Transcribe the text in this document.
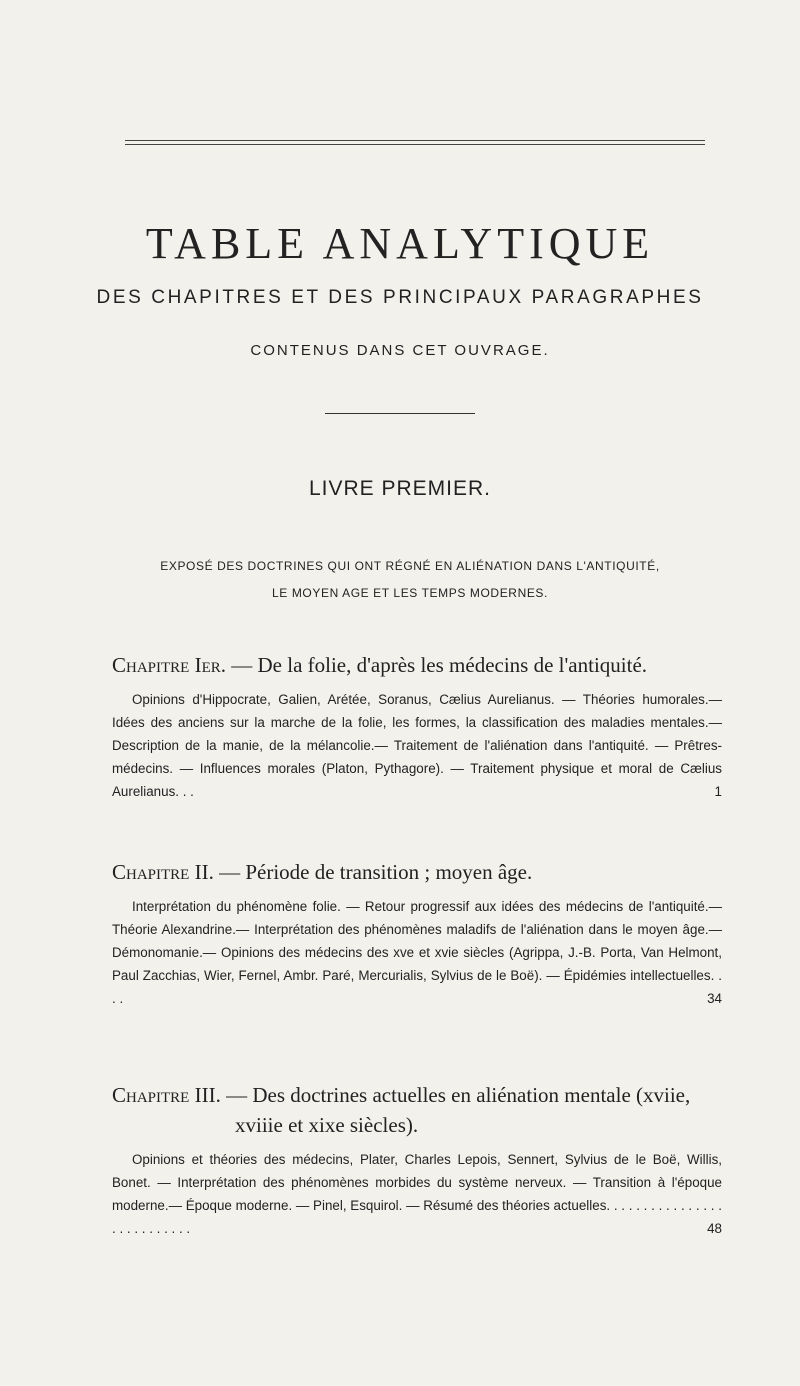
TABLE ANALYTIQUE
DES CHAPITRES ET DES PRINCIPAUX PARAGRAPHES
CONTENUS DANS CET OUVRAGE.
LIVRE PREMIER.
EXPOSÉ DES DOCTRINES QUI ONT RÉGNÉ EN ALIÉNATION DANS L'ANTIQUITÉ,
LE MOYEN AGE ET LES TEMPS MODERNES.

Chapitre Ier. — De la folie, d'après les médecins de l'antiquité.

Opinions d'Hippocrate, Galien, Arétée, Soranus, Cælius Aurelianus. — Théories humorales.— Idées des anciens sur la marche de la folie, les formes, la classification des maladies mentales.— Description de la manie, de la mélancolie.— Traitement de l'aliénation dans l'antiquité. — Prêtres-médecins. — Influences morales (Platon, Pythagore). — Traitement physique et moral de Cælius Aurelianus. . .	1

Chapitre II. — Période de transition ; moyen âge.

Interprétation du phénomène folie. — Retour progressif aux idées des médecins de l'antiquité.— Théorie Alexandrine.— Interprétation des phénomènes maladifs de l'aliénation dans le moyen âge.— Démonomanie.— Opinions des médecins des xve et xvie siècles (Agrippa, J.-B. Porta, Van Helmont, Paul Zacchias, Wier, Fernel, Ambr. Paré, Mercurialis, Sylvius de le Boë). — Épidémies intellectuelles. . . .	34

Chapitre III. — Des doctrines actuelles en aliénation mentale (xviie,
xviiie et xixe siècles).

Opinions et théories des médecins, Plater, Charles Lepois, Sennert, Sylvius de le Boë, Willis, Bonet. — Interprétation des phénomènes morbides du système nerveux. — Transition à l'époque moderne.— Époque moderne. — Pinel, Esquirol. — Résumé des théories actuelles. . . . . . . . . . . . . . . . . . . . . . . . . . .	48
